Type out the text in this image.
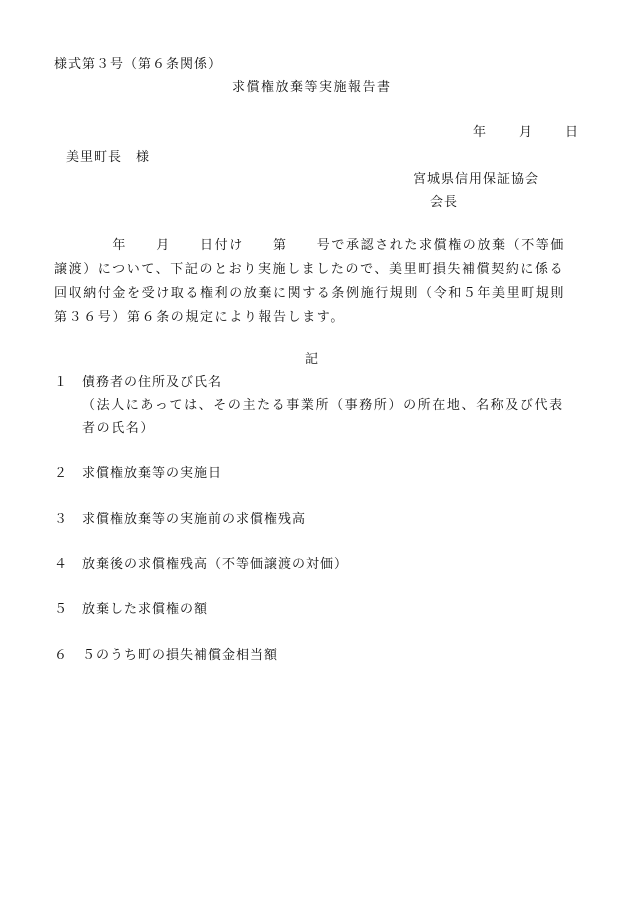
様式第３号（第６条関係）
求償権放棄等実施報告書
年 月 日
美里町長　様
宮城県信用保証協会
会長
　　　　年　　月　　日付け　　第　　号で承認された求償権の放棄（不等価
譲渡）について、下記のとおり実施しましたので、美里町損失補償契約に係る
回収納付金を受け取る権利の放棄に関する条例施行規則（令和５年美里町規則
第３６号）第６条の規定により報告します。
記
１ 債務者の住所及び氏名
（法人にあっては、その主たる事業所（事務所）の所在地、名称及び代表
者の氏名）
２ 求償権放棄等の実施日
３ 求償権放棄等の実施前の求償権残高
４ 放棄後の求償権残高（不等価譲渡の対価）
５ 放棄した求償権の額
６ ５のうち町の損失補償金相当額
